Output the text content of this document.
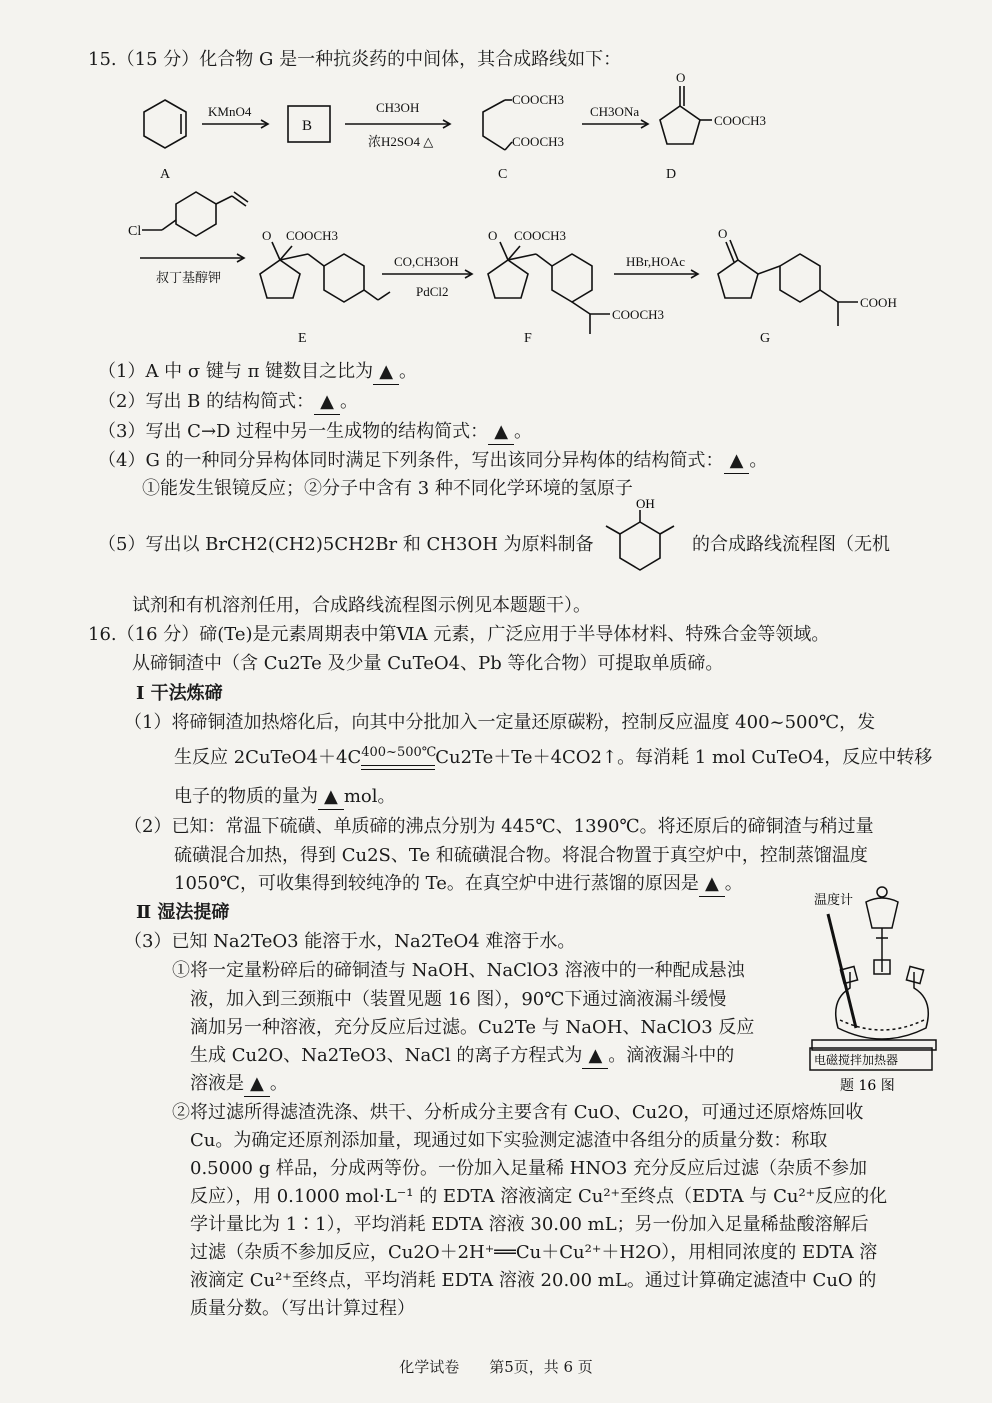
15.（15 分）化合物 G 是一种抗炎药的中间体，其合成路线如下：
A
B
KMnO4	CH3OH
浓H2SO4 △
COOCH3
COOCH3
C
CH3ONa
O
COOCH3
D
Cl
叔丁基醇钾
O COOCH3
E
CO,CH3OH
PdCl2
O COOCH3
COOCH3
F
HBr,HOAc
O
COOH
G
（1）A 中 σ 键与 π 键数目之比为 ▲ 。
（2）写出 B 的结构简式： ▲ 。
（3）写出 C→D 过程中另一生成物的结构简式： ▲ 。
（4）G 的一种同分异构体同时满足下列条件，写出该同分异构体的结构简式： ▲ 。
①能发生银镜反应；②分子中含有 3 种不同化学环境的氢原子
（5）写出以 BrCH2(CH2)5CH2Br 和 CH3OH 为原料制备
OH
的合成路线流程图（无机
试剂和有机溶剂任用，合成路线流程图示例见本题题干）。
16.（16 分）碲(Te)是元素周期表中第ⅥA 元素，广泛应用于半导体材料、特殊合金等领域。
从碲铜渣中（含 Cu2Te 及少量 CuTeO4、Pb 等化合物）可提取单质碲。
Ⅰ 干法炼碲
（1）将碲铜渣加热熔化后，向其中分批加入一定量还原碳粉，控制反应温度 400~500℃，发
生反应 2CuTeO4＋4C 400~500℃
Cu2Te＋Te＋4CO2↑。每消耗 1 mol CuTeO4，反应中转移
电子的物质的量为 ▲ mol。
（2）已知：常温下硫磺、单质碲的沸点分别为 445℃、1390℃。将还原后的碲铜渣与稍过量
硫磺混合加热，得到 Cu2S、Te 和硫磺混合物。将混合物置于真空炉中，控制蒸馏温度
1050℃，可收集得到较纯净的 Te。在真空炉中进行蒸馏的原因是 ▲ 。
Ⅱ 湿法提碲
（3）已知 Na2TeO3 能溶于水，Na2TeO4 难溶于水。
①将一定量粉碎后的碲铜渣与 NaOH、NaClO3 溶液中的一种配成悬浊
液，加入到三颈瓶中（装置见题 16 图），90℃下通过滴液漏斗缓慢
滴加另一种溶液，充分反应后过滤。Cu2Te 与 NaOH、NaClO3 反应
生成 Cu2O、Na2TeO3、NaCl 的离子方程式为 ▲ 。滴液漏斗中的
溶液是 ▲ 。
温度计
电磁搅拌加热器
题 16 图
②将过滤所得滤渣洗涤、烘干、分析成分主要含有 CuO、Cu2O，可通过还原熔炼回收
Cu。为确定还原剂添加量，现通过如下实验测定滤渣中各组分的质量分数：称取
0.5000 g 样品，分成两等份。一份加入足量稀 HNO3 充分反应后过滤（杂质不参加
反应），用 0.1000 mol·L⁻¹ 的 EDTA 溶液滴定 Cu²⁺至终点（EDTA 与 Cu²⁺反应的化
学计量比为 1∶1），平均消耗 EDTA 溶液 30.00 mL；另一份加入足量稀盐酸溶解后
过滤（杂质不参加反应，Cu2O＋2H⁺══Cu＋Cu²⁺＋H2O），用相同浓度的 EDTA 溶
液滴定 Cu²⁺至终点，平均消耗 EDTA 溶液 20.00 mL。通过计算确定滤渣中 CuO 的
质量分数。（写出计算过程）
化学试卷　　第5页，共 6 页
